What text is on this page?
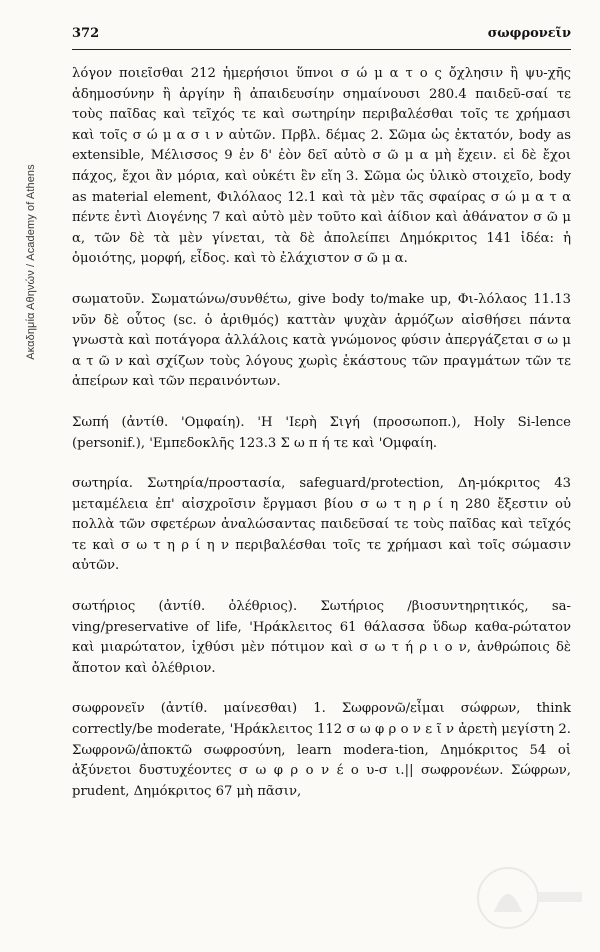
Ακαδημία Αθηνών / Academy of Athens
372	σωφρονεῖν

λόγον ποιεῖσθαι 212 ἡμερήσιοι ὕπνοι σ ώ μ α τ ο ς ὄχλησιν ἢ ψυ-χῆς ἀδημοσύνην ἢ ἀργίην ἢ ἀπαιδευσίην σημαίνουσι 280.4 παιδεῦ-σαί τε τοὺς παῖδας καὶ τεῖχός τε καὶ σωτηρίην περιβαλέσθαι τοῖς τε χρήμασι καὶ τοῖς σ ώ μ α σ ι ν αὐτῶν. Πρβλ. δέμας 2. Σῶμα ὡς ἐκτατόν, body as extensible, Μέλισσος 9 ἐν δ' ἐὸν δεῖ αὐτὸ σ ῶ μ α μὴ ἔχειν. εἰ δὲ ἔχοι πάχος, ἔχοι ἂν μόρια, καὶ οὐκέτι ἓν εἴη 3. Σῶμα ὡς ὑλικὸ στοιχεῖο, body as material element, Φιλόλαος 12.1 καὶ τὰ μὲν τᾶς σφαίρας σ ώ μ α τ α πέντε ἐντὶ Διογένης 7 καὶ αὐτὸ μὲν τοῦτο καὶ ἀίδιον καὶ ἀθάνατον σ ῶ μ α, τῶν δὲ τὰ μὲν γίνεται, τὰ δὲ ἀπολείπει Δημόκριτος 141 ἰδέα: ἡ ὁμοιότης, μορφή, εἶδος. καὶ τὸ ἐλάχιστον σ ῶ μ α.

σωματοῦν. Σωματώνω/συνθέτω, give body to/make up, Φι-λόλαος 11.13 νῦν δὲ οὗτος (sc. ὁ ἀριθμός) καττὰν ψυχὰν ἁρμόζων αἰσθήσει πάντα γνωστὰ καὶ ποτάγορα ἀλλάλοις κατὰ γνώμονος φύσιν ἀπεργάζεται σ ω μ α τ ῶ ν καὶ σχίζων τοὺς λόγους χωρὶς ἑκάστους τῶν πραγμάτων τῶν τε ἀπείρων καὶ τῶν περαινόντων.

Σωπή (ἀντίθ. 'Ομφαίη). 'Η 'Ιερὴ Σιγή (προσωποπ.), Holy Si-lence (personif.), 'Εμπεδοκλῆς 123.3 Σ ω π ή τε καὶ 'Ομφαίη.

σωτηρία. Σωτηρία/προστασία, safeguard/protection, Δη-μόκριτος 43 μεταμέλεια ἐπ' αἰσχροῖσιν ἔργμασι βίου σ ω τ η ρ ί η 280 ἔξεστιν οὐ πολλὰ τῶν σφετέρων ἀναλώσαντας παιδεῦσαί τε τοὺς παῖδας καὶ τεῖχός τε καὶ σ ω τ η ρ ί η ν περιβαλέσθαι τοῖς τε χρήμασι καὶ τοῖς σώμασιν αὐτῶν.

σωτήριος (ἀντίθ. ὀλέθριος). Σωτήριος /βιοσυντηρητικός, sa-ving/preservative of life, 'Ηράκλειτος 61 θάλασσα ὕδωρ καθα-ρώτατον καὶ μιαρώτατον, ἰχθύσι μὲν πότιμον καὶ σ ω τ ή ρ ι ο ν, ἀνθρώποις δὲ ἄποτον καὶ ὀλέθριον.

σωφρονεῖν (ἀντίθ. μαίνεσθαι) 1. Σωφρονῶ/εἶμαι σώφρων, think correctly/be moderate, 'Ηράκλειτος 112 σ ω φ ρ ο ν ε ῖ ν ἀρετὴ μεγίστη 2. Σωφρονῶ/ἀποκτῶ σωφροσύνη, learn modera-tion, Δημόκριτος 54 οἱ ἀξύνετοι δυστυχέοντες σ ω φ ρ ο ν έ ο υ-σ ι.|| σωφρονέων. Σώφρων, prudent, Δημόκριτος 67 μὴ πᾶσιν,
